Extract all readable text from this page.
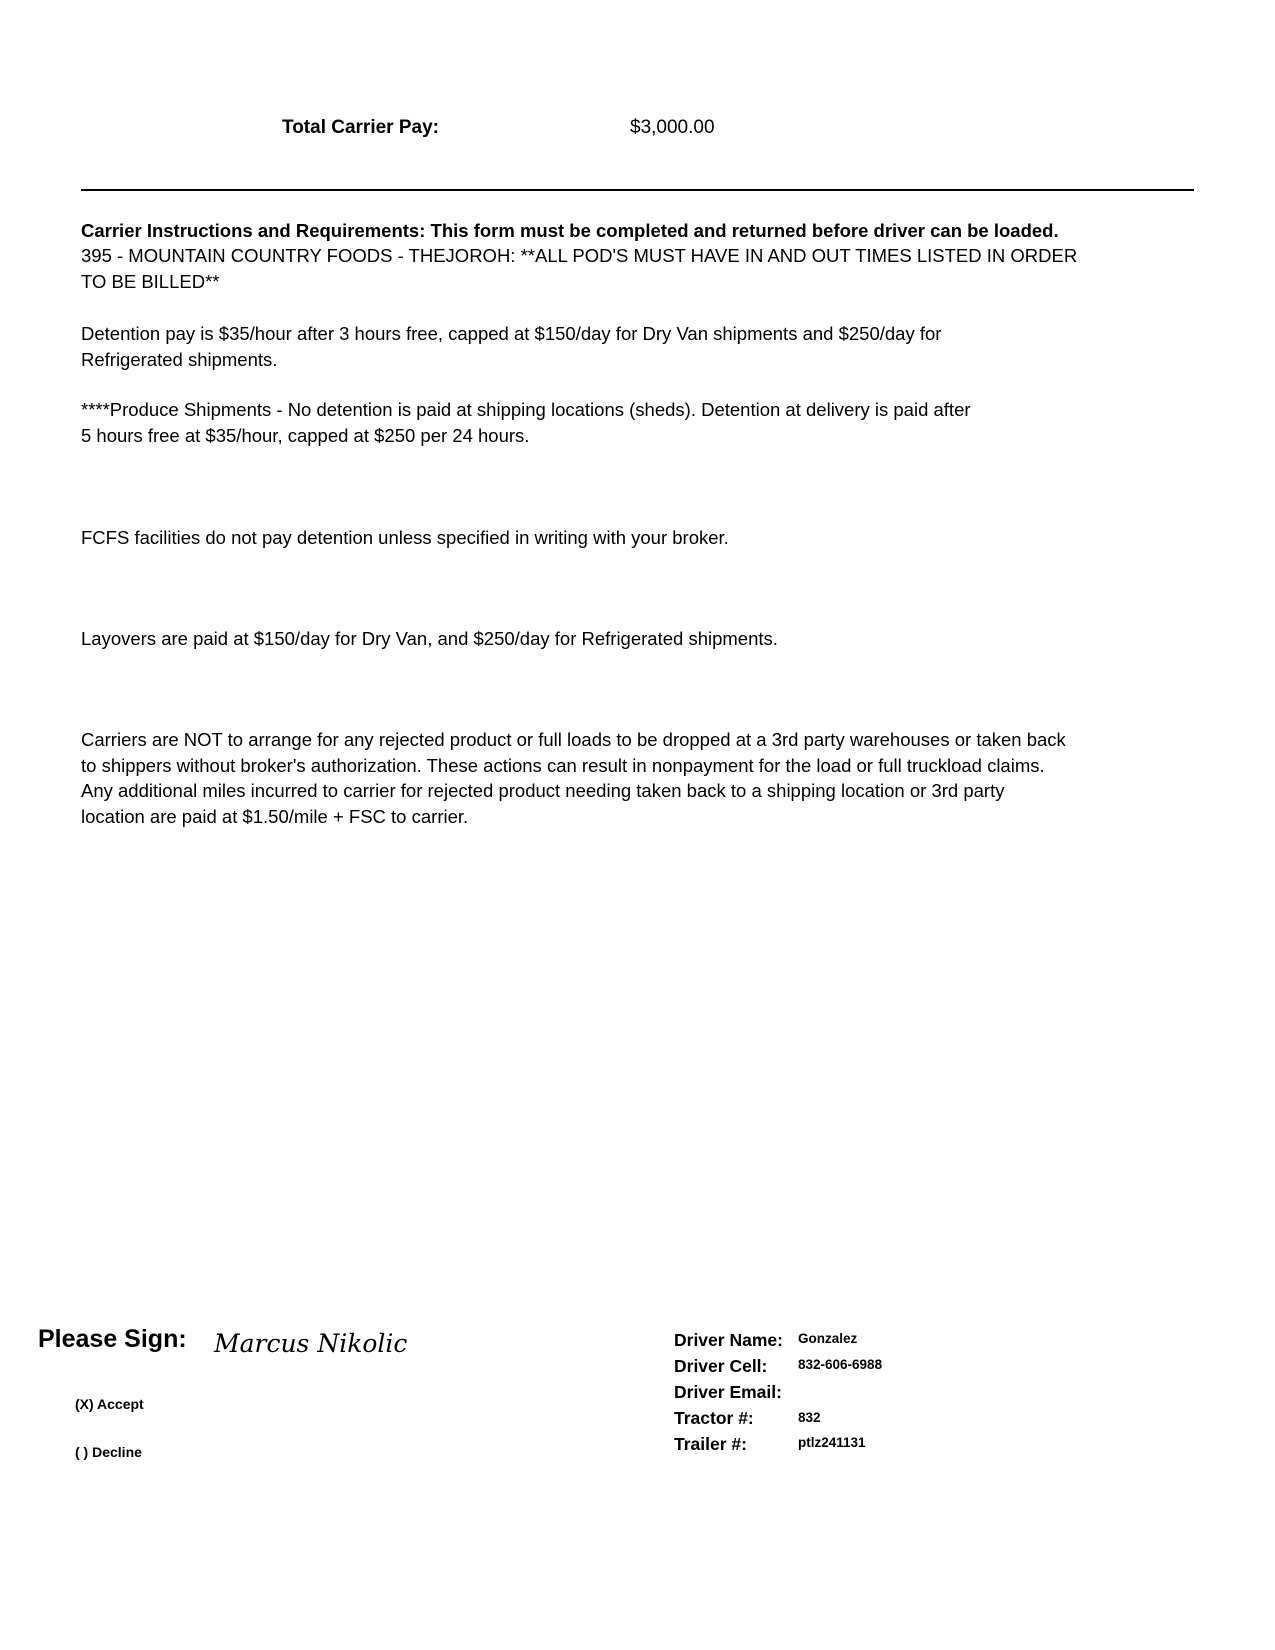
Total Carrier Pay:	$3,000.00
Carrier Instructions and Requirements: This form must be completed and returned before driver can be loaded.
395 - MOUNTAIN COUNTRY FOODS - THEJOROH: **ALL POD'S MUST HAVE IN AND OUT TIMES LISTED IN ORDER TO BE BILLED**
Detention pay is $35/hour after 3 hours free, capped at $150/day for Dry Van shipments and $250/day for Refrigerated shipments.
****Produce Shipments - No detention is paid at shipping locations (sheds). Detention at delivery is paid after 5 hours free at $35/hour, capped at $250 per 24 hours.
FCFS facilities do not pay detention unless specified in writing with your broker.
Layovers are paid at $150/day for Dry Van, and $250/day for Refrigerated shipments.
Carriers are NOT to arrange for any rejected product or full loads to be dropped at a 3rd party warehouses or taken back to shippers without broker's authorization. These actions can result in nonpayment for the load or full truckload claims. Any additional miles incurred to carrier for rejected product needing taken back to a shipping location or 3rd party location are paid at $1.50/mile + FSC to carrier.
Please Sign: Marcus Nikolic
(X) Accept
( ) Decline
Driver Name: Gonzalez
Driver Cell: 832-606-6988
Driver Email:
Tractor #:	832
Trailer #:	ptlz241131
